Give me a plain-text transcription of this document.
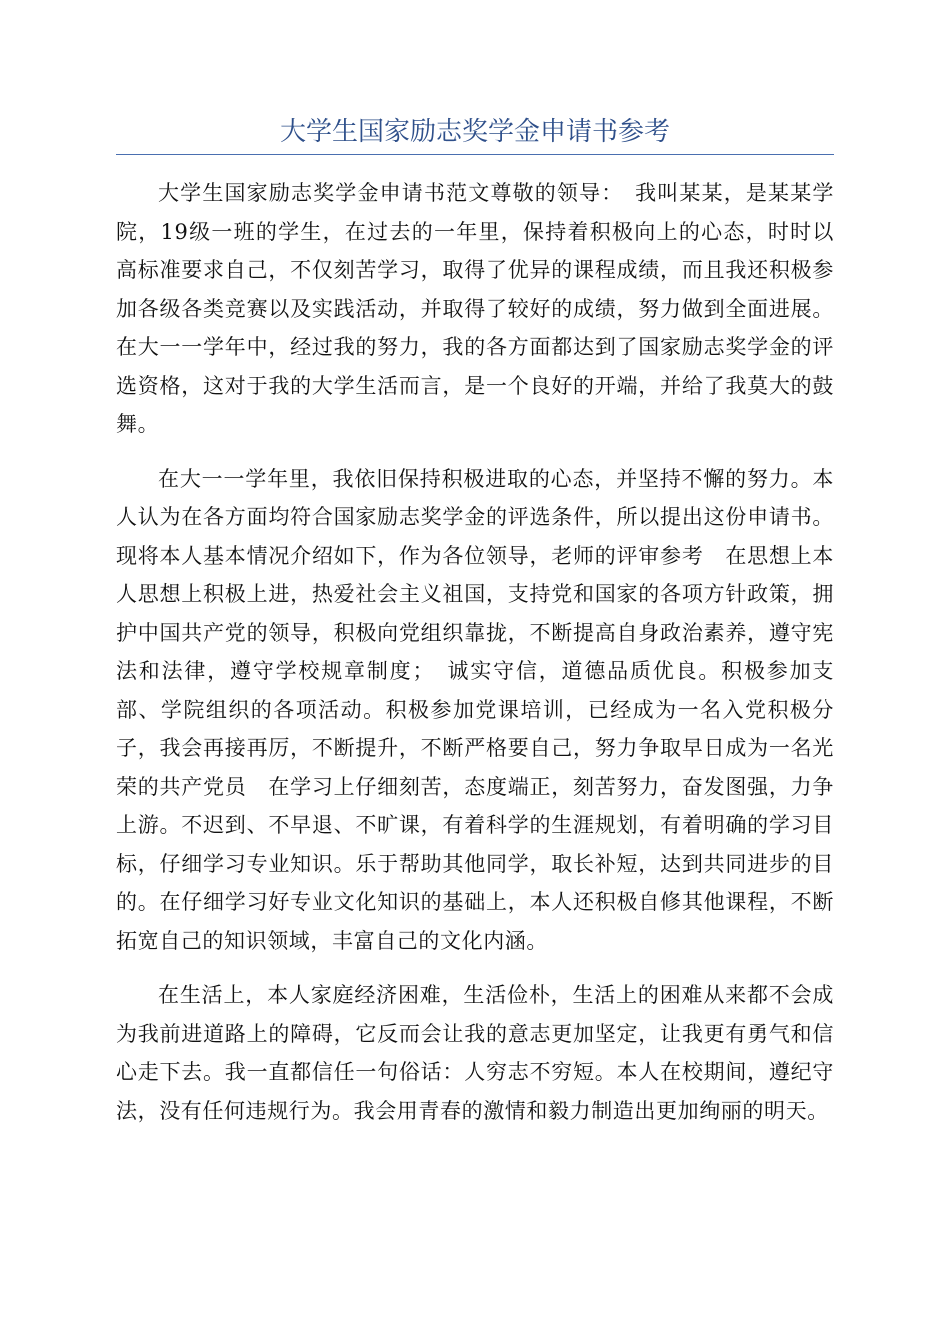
大学生国家励志奖学金申请书参考

大学生国家励志奖学金申请书范文尊敬的领导：　我叫某某，是某某学院，19级一班的学生，在过去的一年里，保持着积极向上的心态，时时以高标准要求自己，不仅刻苦学习，取得了优异的课程成绩，而且我还积极参加各级各类竞赛以及实践活动，并取得了较好的成绩，努力做到全面进展。在大一一学年中，经过我的努力，我的各方面都达到了国家励志奖学金的评选资格，这对于我的大学生活而言，是一个良好的开端，并给了我莫大的鼓舞。

在大一一学年里，我依旧保持积极进取的心态，并坚持不懈的努力。本人认为在各方面均符合国家励志奖学金的评选条件，所以提出这份申请书。现将本人基本情况介绍如下，作为各位领导，老师的评审参考　在思想上本人思想上积极上进，热爱社会主义祖国，支持党和国家的各项方针政策，拥护中国共产党的领导，积极向党组织靠拢，不断提高自身政治素养，遵守宪法和法律，遵守学校规章制度；　诚实守信，道德品质优良。积极参加支部、学院组织的各项活动。积极参加党课培训，已经成为一名入党积极分子，我会再接再厉，不断提升，不断严格要自己，努力争取早日成为一名光荣的共产党员　在学习上仔细刻苦，态度端正，刻苦努力，奋发图强，力争上游。不迟到、不早退、不旷课，有着科学的生涯规划，有着明确的学习目标，仔细学习专业知识。乐于帮助其他同学，取长补短，达到共同进步的目的。在仔细学习好专业文化知识的基础上，本人还积极自修其他课程，不断拓宽自己的知识领域，丰富自己的文化内涵。

在生活上，本人家庭经济困难，生活俭朴，生活上的困难从来都不会成为我前进道路上的障碍，它反而会让我的意志更加坚定，让我更有勇气和信心走下去。我一直都信任一句俗话：人穷志不穷短。本人在校期间，遵纪守法，没有任何违规行为。我会用青春的激情和毅力制造出更加绚丽的明天。
